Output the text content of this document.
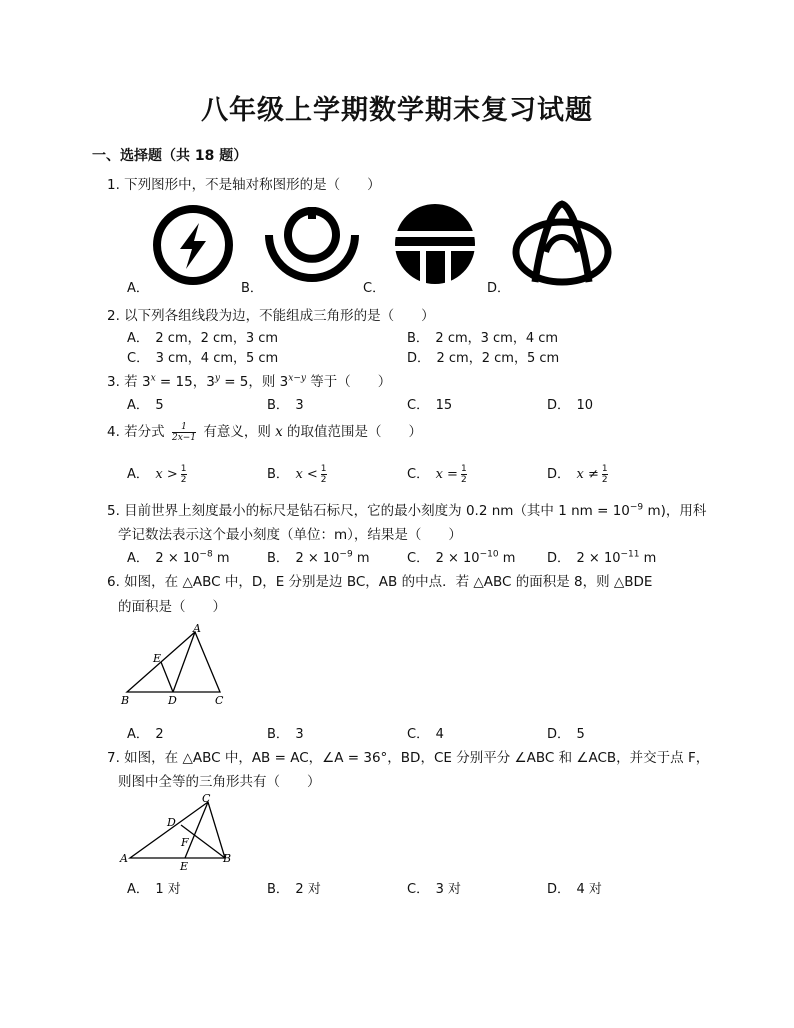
八年级上学期数学期末复习试题
一、选择题（共 18 题）
1. 下列图形中，不是轴对称图形的是（　　）
A．	B．	C．	D．
2. 以下列各组线段为边，不能组成三角形的是（　　）
A．　2 cm，2 cm，3 cm	B．　2 cm，3 cm，4 cm
C．　3 cm，4 cm，5 cm	D．　2 cm，2 cm，5 cm
3. 若 $3^x = 15$，$3^y = 5$，则 $3^{x-y}$ 等于（　　）
A．　5	B．　3	C．　15	D．　10
4. 若分式 $\frac{1}{2x-1}$ 有意义，则 x 的取值范围是（　　）
A．　 $x > \frac{1}{2}$	B．　 $x < \frac{1}{2}$	C．　 $x = \frac{1}{2}$	D．　 $x \ne \frac{1}{2}$
5. 目前世界上刻度最小的标尺是钻石标尺，它的最小刻度为 0.2 nm（其中 1 nm = $10^{-9}$ m)，用科
学记数法表示这个最小刻度（单位：m），结果是（　　）
A．　 $2 \times 10^{-8}$ m	B．　 $2 \times 10^{-9}$ m	C．　 $2 \times 10^{-10}$ m D．　 $2 \times 10^{-11}$ m
6. 如图，在 △ABC 中，D，E 分别是边 BC，AB 的中点．若 △ABC 的面积是 8，则 △BDE
的面积是（　　）
A
E
B	D	C
A．　2	B．　3	C．　4	D．　5
7. 如图，在 △ABC 中，AB = AC，∠A = 36°，BD，CE 分别平分 ∠ABC 和 ∠ACB，并交于点 F，
则图中全等的三角形共有（　　）
C
D
F
A
E
B
A．　1 对	B．　2 对	C．　3 对	D．　4 对
